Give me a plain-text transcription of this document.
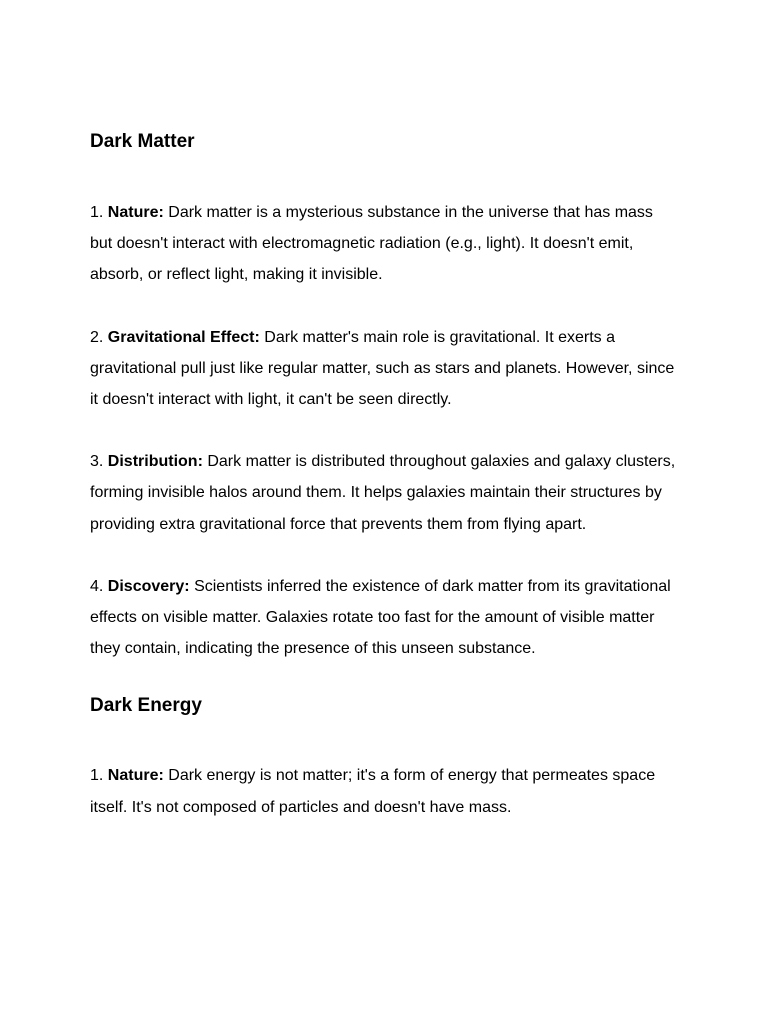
Dark Matter

1. Nature: Dark matter is a mysterious substance in the universe that has mass but doesn't interact with electromagnetic radiation (e.g., light). It doesn't emit, absorb, or reflect light, making it invisible.

2. Gravitational Effect: Dark matter's main role is gravitational. It exerts a gravitational pull just like regular matter, such as stars and planets. However, since it doesn't interact with light, it can't be seen directly.

3. Distribution: Dark matter is distributed throughout galaxies and galaxy clusters, forming invisible halos around them. It helps galaxies maintain their structures by providing extra gravitational force that prevents them from flying apart.

4. Discovery: Scientists inferred the existence of dark matter from its gravitational effects on visible matter. Galaxies rotate too fast for the amount of visible matter they contain, indicating the presence of this unseen substance.

Dark Energy

1. Nature: Dark energy is not matter; it's a form of energy that permeates space itself. It's not composed of particles and doesn't have mass.
